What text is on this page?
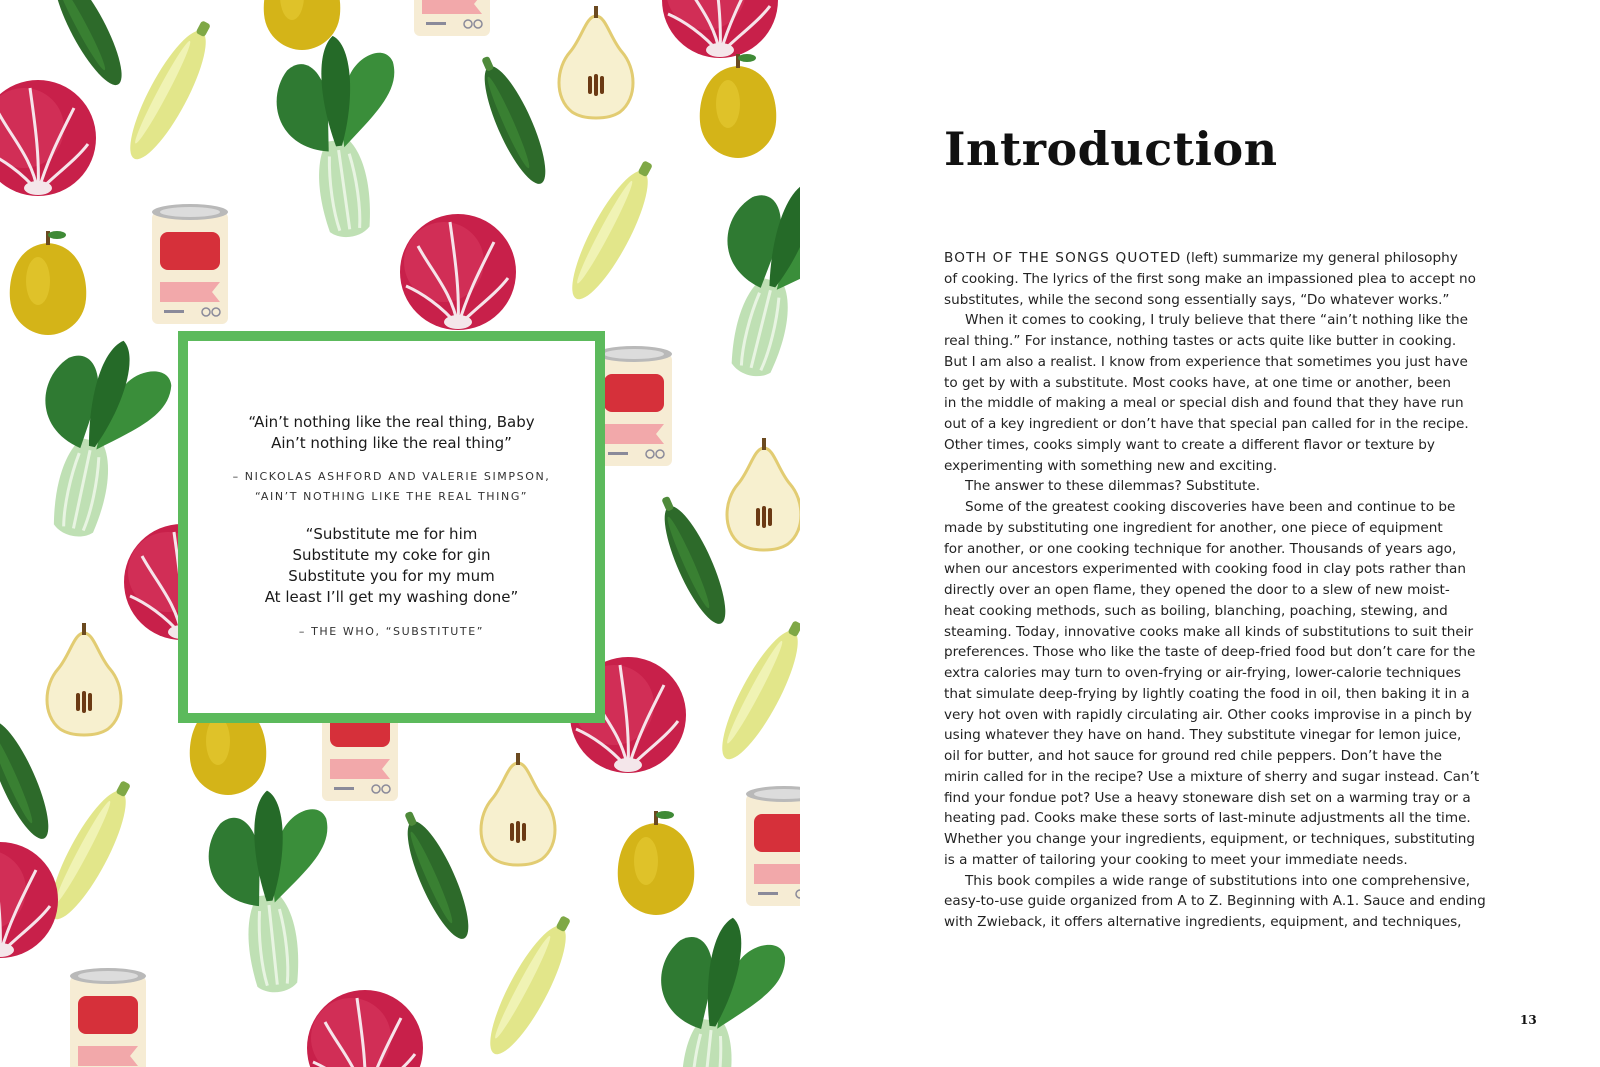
“Ain’t nothing like the real thing, Baby
Ain’t nothing like the real thing”
– NICKOLAS ASHFORD AND VALERIE SIMPSON,
“AIN’T NOTHING LIKE THE REAL THING”
“Substitute me for him
Substitute my coke for gin
Substitute you for my mum
At least I’ll get my washing done”
– THE WHO, “SUBSTITUTE”
Introduction
BOTH OF THE SONGS QUOTED (left) summarize my general philosophy
of cooking. The lyrics of the first song make an impassioned plea to accept no
substitutes, while the second song essentially says, “Do whatever works.”
When it comes to cooking, I truly believe that there “ain’t nothing like the
real thing.” For instance, nothing tastes or acts quite like butter in cooking.
But I am also a realist. I know from experience that sometimes you just have
to get by with a substitute. Most cooks have, at one time or another, been
in the middle of making a meal or special dish and found that they have run
out of a key ingredient or don’t have that special pan called for in the recipe.
Other times, cooks simply want to create a different flavor or texture by
experimenting with something new and exciting.
The answer to these dilemmas? Substitute.
Some of the greatest cooking discoveries have been and continue to be
made by substituting one ingredient for another, one piece of equipment
for another, or one cooking technique for another. Thousands of years ago,
when our ancestors experimented with cooking food in clay pots rather than
directly over an open flame, they opened the door to a slew of new moist-
heat cooking methods, such as boiling, blanching, poaching, stewing, and
steaming. Today, innovative cooks make all kinds of substitutions to suit their
preferences. Those who like the taste of deep-fried food but don’t care for the
extra calories may turn to oven-frying or air-frying, lower-calorie techniques
that simulate deep-frying by lightly coating the food in oil, then baking it in a
very hot oven with rapidly circulating air. Other cooks improvise in a pinch by
using whatever they have on hand. They substitute vinegar for lemon juice,
oil for butter, and hot sauce for ground red chile peppers. Don’t have the
mirin called for in the recipe? Use a mixture of sherry and sugar instead. Can’t
find your fondue pot? Use a heavy stoneware dish set on a warming tray or a
heating pad. Cooks make these sorts of last-minute adjustments all the time.
Whether you change your ingredients, equipment, or techniques, substituting
is a matter of tailoring your cooking to meet your immediate needs.
This book compiles a wide range of substitutions into one comprehensive,
easy-to-use guide organized from A to Z. Beginning with A.1. Sauce and ending
with Zwieback, it offers alternative ingredients, equipment, and techniques,
13
